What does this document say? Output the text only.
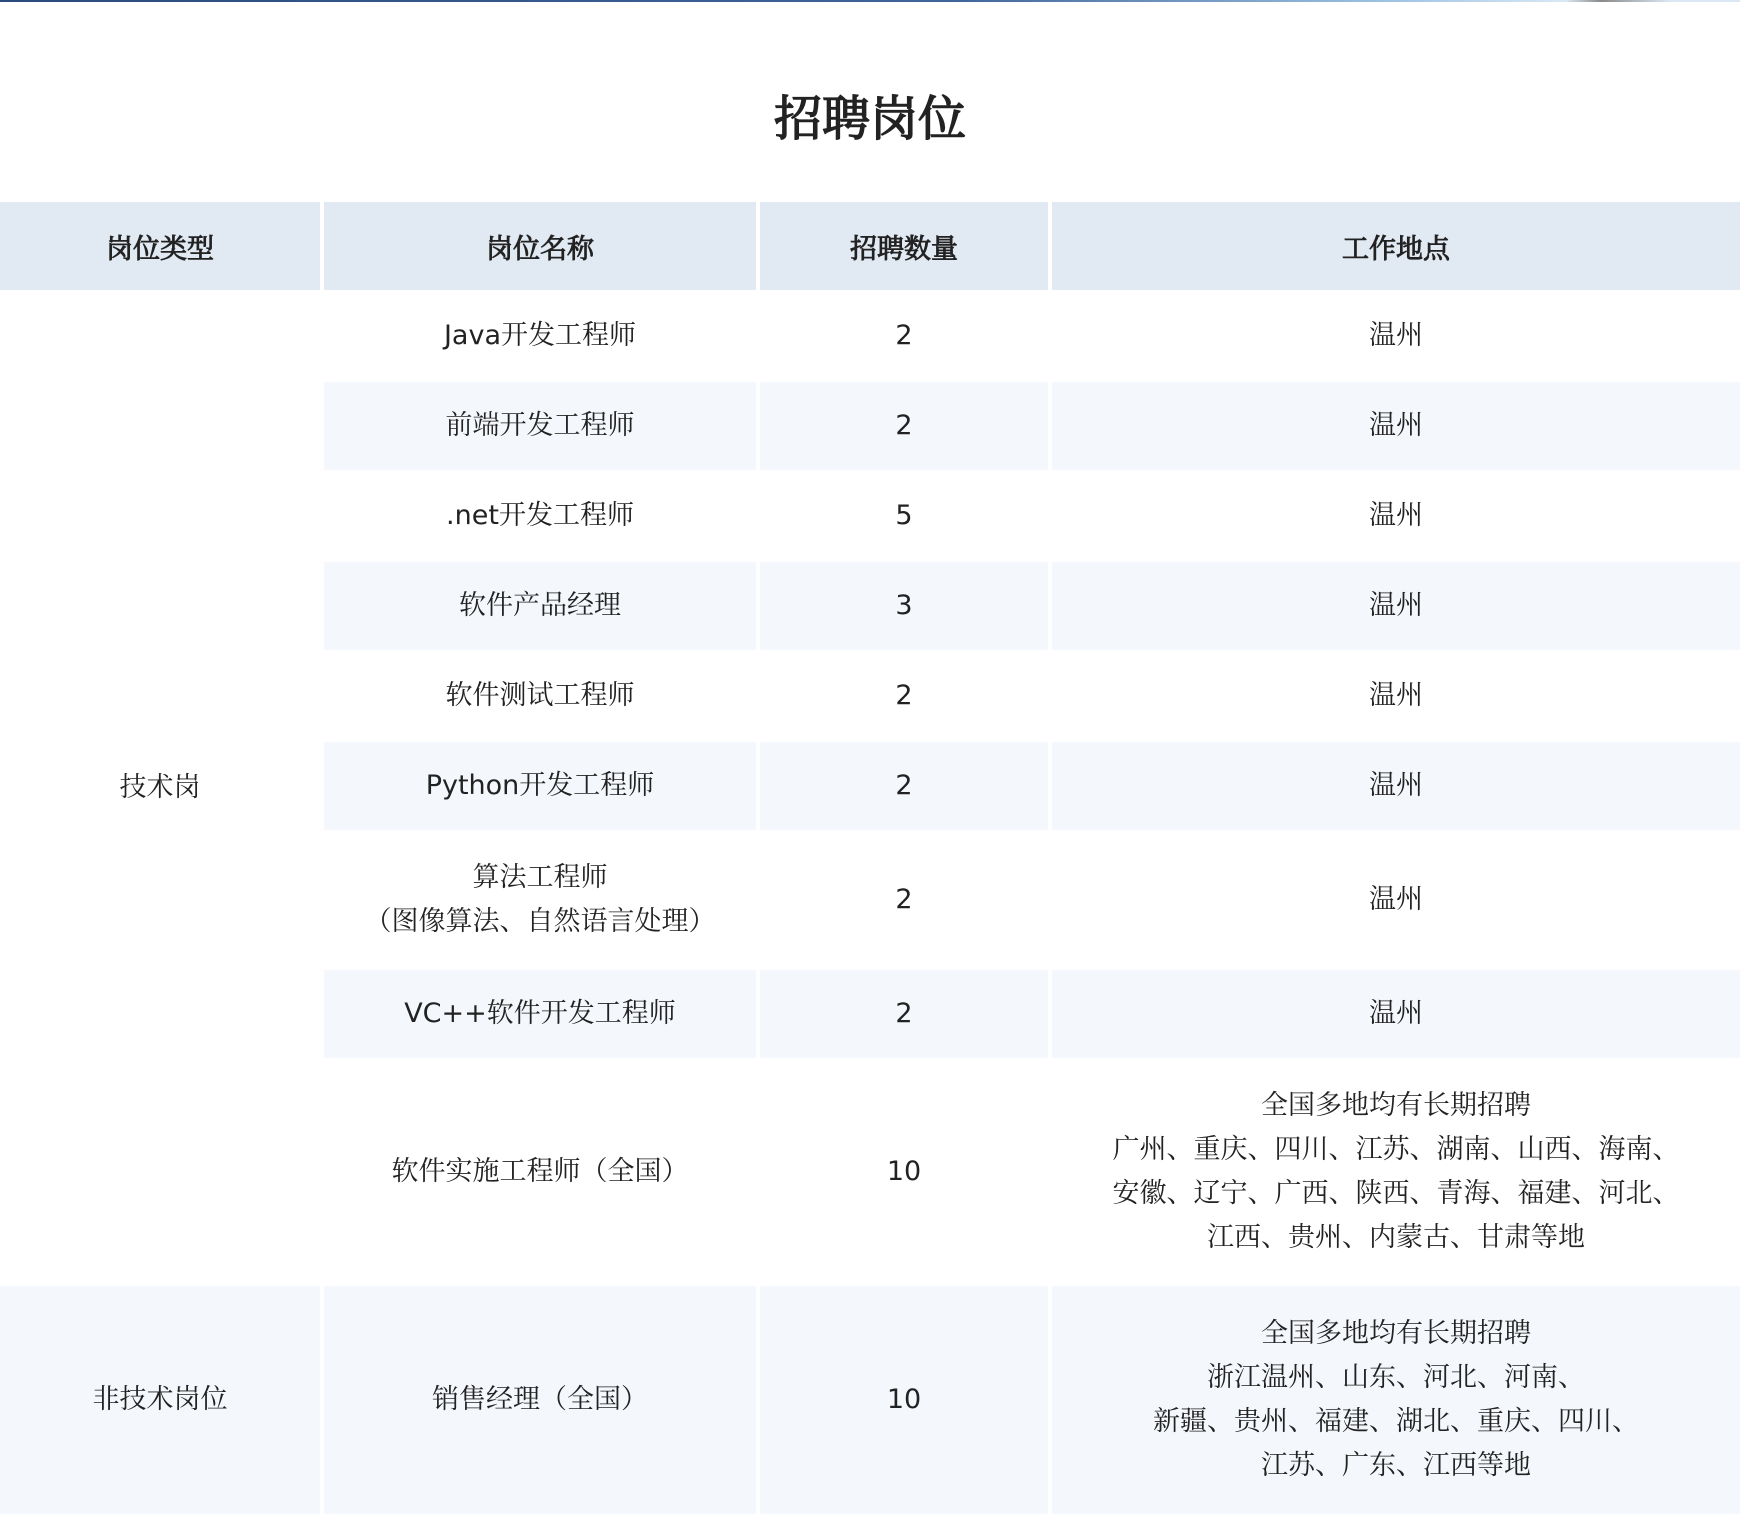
招聘岗位
岗位类型	岗位名称	招聘数量	工作地点
技术岗	Java开发工程师	2	温州

	前端开发工程师	2	温州

	.net开发工程师	5	温州

	软件产品经理	3	温州

	软件测试工程师	2	温州

	Python开发工程师	2	温州

	算法工程师
（图像算法、自然语言处理）	2	温州

	VC++软件开发工程师	2	温州

	软件实施工程师（全国）	10	全国多地均有长期招聘
广州、重庆、四川、江苏、湖南、山西、海南、
安徽、辽宁、广西、陕西、青海、福建、河北、
江西、贵州、内蒙古、甘肃等地

非技术岗位	销售经理（全国）	10	全国多地均有长期招聘
浙江温州、山东、河北、河南、
新疆、贵州、福建、湖北、重庆、四川、
江苏、广东、江西等地
